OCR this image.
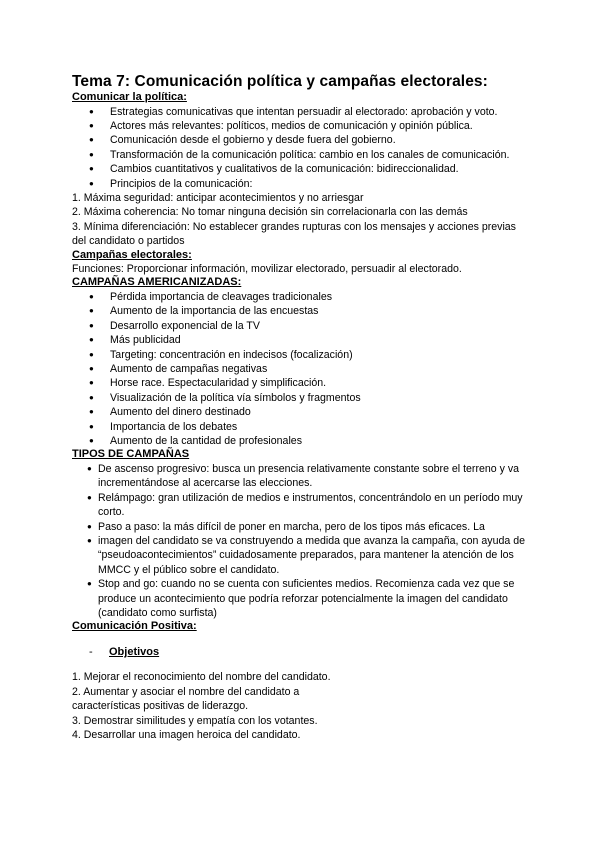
Tema 7: Comunicación política y campañas electorales:

Comunicar la política:

● Estrategias comunicativas que intentan persuadir al electorado: aprobación y voto.
● Actores más relevantes: políticos, medios de comunicación y opinión pública.
● Comunicación desde el gobierno y desde fuera del gobierno.
● Transformación de la comunicación política: cambio en los canales de comunicación.
● Cambios cuantitativos y cualitativos de la comunicación: bidireccionalidad.
● Principios de la comunicación:

1. Máxima seguridad: anticipar acontecimientos y no arriesgar

2. Máxima coherencia: No tomar ninguna decisión sin correlacionarla con las demás

3. Mínima diferenciación: No establecer grandes rupturas con los mensajes y acciones previas del candidato o partidos

Campañas electorales:

Funciones: Proporcionar información, movilizar electorado, persuadir al electorado.

CAMPAÑAS AMERICANIZADAS:

● Pérdida importancia de cleavages tradicionales
● Aumento de la importancia de las encuestas
● Desarrollo exponencial de la TV
● Más publicidad
● Targeting: concentración en indecisos (focalización)
● Aumento de campañas negativas
● Horse race. Espectacularidad y simplificación.
● Visualización de la política vía símbolos y fragmentos
● Aumento del dinero destinado
● Importancia de los debates
● Aumento de la cantidad de profesionales

TIPOS DE CAMPAÑAS

● De ascenso progresivo: busca un presencia relativamente constante sobre el terreno y va incrementándose al acercarse las elecciones.
● Relámpago: gran utilización de medios e instrumentos, concentrándolo en un período muy corto.
● Paso a paso: la más difícil de poner en marcha, pero de los tipos más eficaces. La
● imagen del candidato se va construyendo a medida que avanza la campaña, con ayuda de “pseudoacontecimientos” cuidadosamente preparados, para mantener la atención de los MMCC y el público sobre el candidato.
● Stop and go: cuando no se cuenta con suficientes medios. Recomienza cada vez que se produce un acontecimiento que podría reforzar potencialmente la imagen del candidato (candidato como surfista)

Comunicación Positiva:

- Objetivos

1. Mejorar el reconocimiento del nombre del candidato.

2. Aumentar y asociar el nombre del candidato a

características positivas de liderazgo.

3. Demostrar similitudes y empatía con los votantes.

4. Desarrollar una imagen heroica del candidato.
